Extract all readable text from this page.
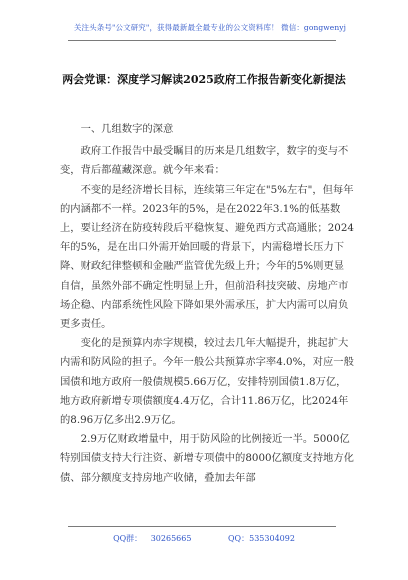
关注头条号"公文研究"，获得最新最全最专业的公文资料库！ 微信：gongwenyj
两会党课：深度学习解读2025政府工作报告新变化新提法

一、几组数字的深意

政府工作报告中最受瞩目的历来是几组数字，数字的变与不变，背后都蕴藏深意。就今年来看：

不变的是经济增长目标，连续第三年定在"5%左右"，但每年的内涵都不一样。2023年的5%，是在2022年3.1%的低基数上，要让经济在防疫转段后平稳恢复、避免西方式高通胀；2024年的5%，是在出口外需开始回暖的背景下，内需稳增长压力下降、财政纪律整顿和金融严监管优先级上升；今年的5%则更显自信，虽然外部不确定性明显上升，但前沿科技突破、房地产市场企稳、内部系统性风险下降如果外需承压，扩大内需可以肩负更多责任。

变化的是预算内赤字规模，较过去几年大幅提升，挑起扩大内需和防风险的担子。今年一般公共预算赤字率4.0%，对应一般国债和地方政府一般债规模5.66万亿，安排特别国债1.8万亿，地方政府新增专项债额度4.4万亿，合计11.86万亿，比2024年的8.96万亿多出2.9万亿。

2.9万亿财政增量中，用于防风险的比例接近一半。5000亿特别国债支持大行注资、新增专项债中的8000亿额度支持地方化债、部分额度支持房地产收储，叠加去年部

QQ群： 30265665	QQ：535304092
